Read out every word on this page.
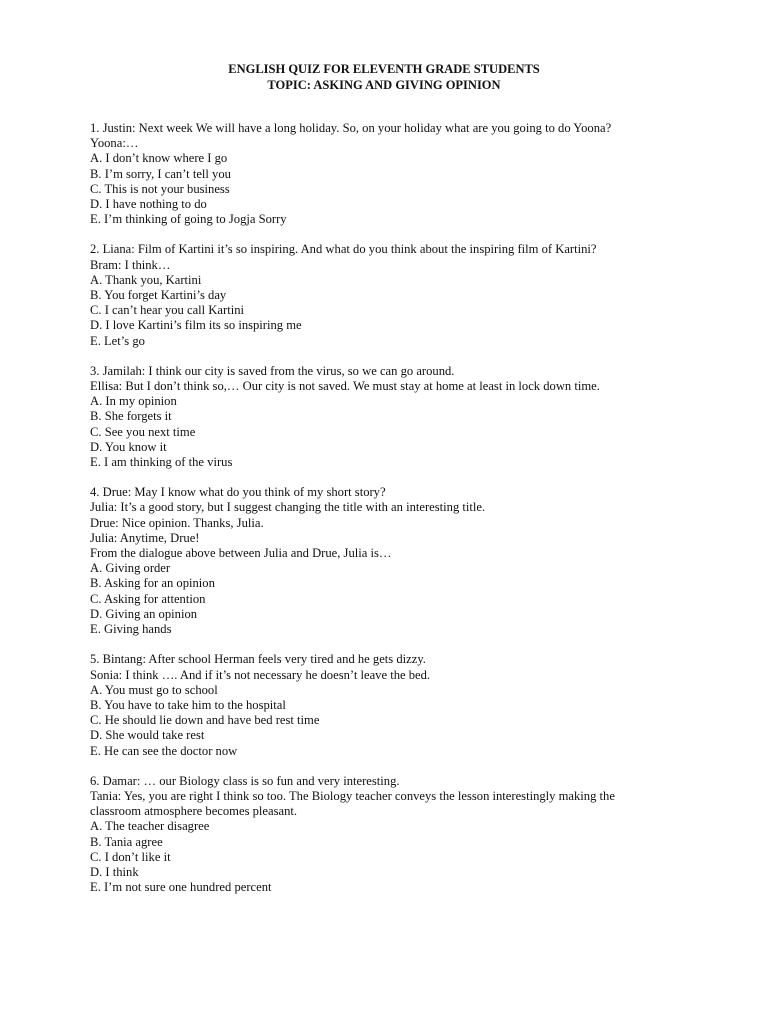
ENGLISH QUIZ FOR ELEVENTH GRADE STUDENTS
TOPIC: ASKING AND GIVING OPINION
1. Justin: Next week We will have a long holiday. So, on your holiday what are you going to do Yoona?
Yoona:…
A. I don’t know where I go
B. I’m sorry, I can’t tell you
C. This is not your business
D. I have nothing to do
E. I’m thinking of going to Jogja Sorry
2. Liana: Film of Kartini it’s so inspiring. And what do you think about the inspiring film of Kartini?
Bram: I think…
A. Thank you, Kartini
B. You forget Kartini’s day
C. I can’t hear you call Kartini
D. I love Kartini’s film its so inspiring me
E. Let’s go
3. Jamilah: I think our city is saved from the virus, so we can go around.
Ellisa: But I don’t think so,… Our city is not saved. We must stay at home at least in lock down time.
A. In my opinion
B. She forgets it
C. See you next time
D. You know it
E. I am thinking of the virus
4. Drue: May I know what do you think of my short story?
Julia: It’s a good story, but I suggest changing the title with an interesting title.
Drue: Nice opinion. Thanks, Julia.
Julia: Anytime, Drue!
From the dialogue above between Julia and Drue, Julia is…
A. Giving order
B. Asking for an opinion
C. Asking for attention
D. Giving an opinion
E. Giving hands
5. Bintang: After school Herman feels very tired and he gets dizzy.
Sonia: I think …. And if it’s not necessary he doesn’t leave the bed.
A. You must go to school
B. You have to take him to the hospital
C. He should lie down and have bed rest time
D. She would take rest
E. He can see the doctor now
6. Damar: … our Biology class is so fun and very interesting.
Tania: Yes, you are right I think so too. The Biology teacher conveys the lesson interestingly making the classroom atmosphere becomes pleasant.
A. The teacher disagree
B. Tania agree
C. I don’t like it
D. I think
E. I’m not sure one hundred percent
